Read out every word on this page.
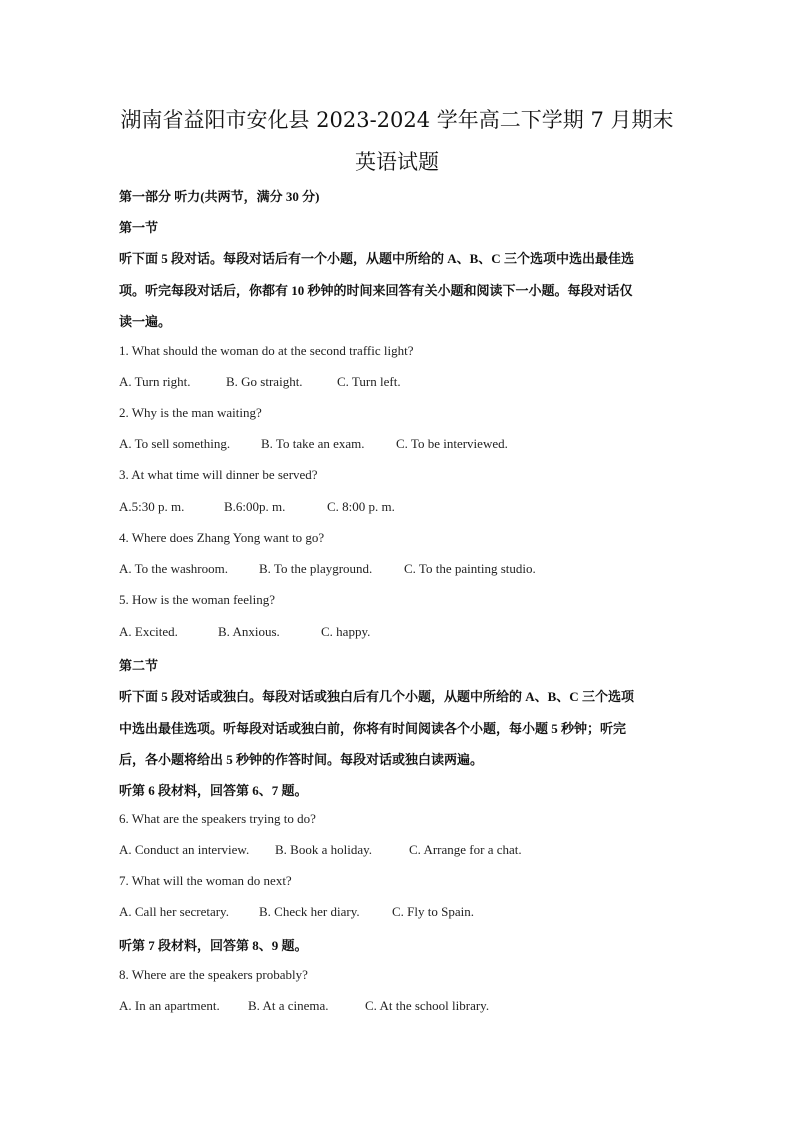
湖南省益阳市安化县 2023-2024 学年高二下学期 7 月期末
英语试题
第一部分 听力(共两节，满分 30 分)
第一节
听下面 5 段对话。每段对话后有一个小题，从题中所给的 A、B、C 三个选项中选出最佳选
项。听完每段对话后，你都有 10 秒钟的时间来回答有关小题和阅读下一小题。每段对话仅
读一遍。
1. What should the woman do at the second traffic light?
A. Turn right.	B. Go straight.	C. Turn left.
2. Why is the man waiting?
A. To sell something. B. To take an exam. C. To be interviewed.
3. At what time will dinner be served?
A.5:30 p. m.	B.6:00p. m.	C. 8:00 p. m.
4. Where does Zhang Yong want to go?
A. To the washroom. B. To the playground. C. To the painting studio.
5. How is the woman feeling?
A. Excited.	B. Anxious.	C. happy.
第二节
听下面 5 段对话或独白。每段对话或独白后有几个小题，从题中所给的 A、B、C 三个选项
中选出最佳选项。听每段对话或独白前，你将有时间阅读各个小题，每小题 5 秒钟；听完
后，各小题将给出 5 秒钟的作答时间。每段对话或独白读两遍。
听第 6 段材料，回答第 6、7 题。
6. What are the speakers trying to do?
A. Conduct an interview. B. Book a holiday.	C. Arrange for a chat.
7. What will the woman do next?
A. Call her secretary. B. Check her diary. C. Fly to Spain.
听第 7 段材料，回答第 8、9 题。
8. Where are the speakers probably?
A. In an apartment. B. At a cinema.	C. At the school library.
